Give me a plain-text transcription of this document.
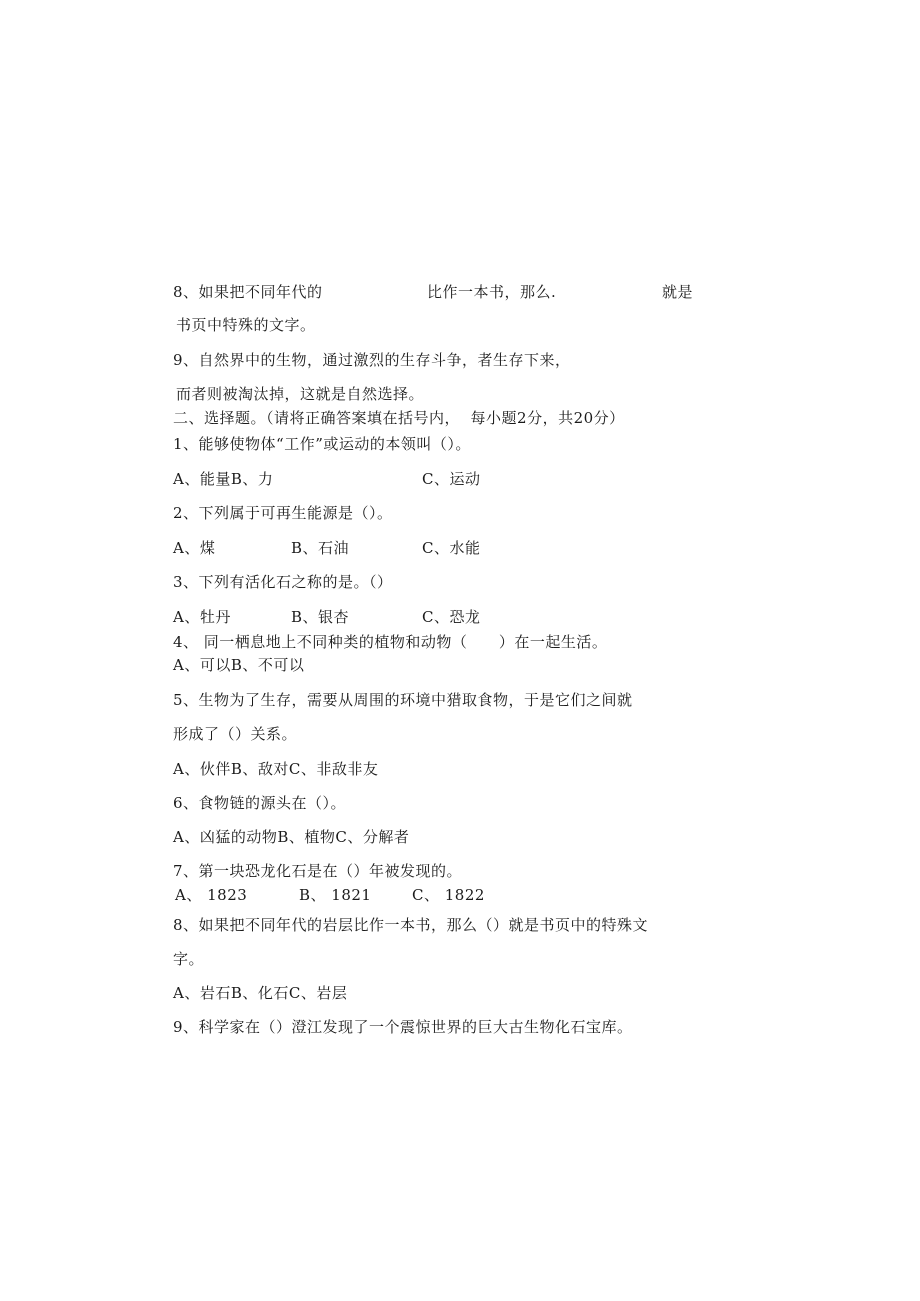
8、如果把不同年代的	比作一本书，那么.	就是
书页中特殊的文字。
9、自然界中的生物，通过激烈的生存斗争，者生存下来，
而者则被淘汰掉，这就是自然选择。
二、选择题。（请将正确答案填在括号内，  每小题2分，共20分）
1、能够使物体“工作”或运动的本领叫（）。
A、能量B、力	C、运动
2、下列属于可再生能源是（）。
A、煤	B、石油	C、水能
3、下列有活化石之称的是。（）
A、牡丹	B、银杏	C、恐龙
4、 同一栖息地上不同种类的植物和动物（      ）在一起生活。
A、可以B、不可以
5、生物为了生存，需要从周围的环境中猎取食物，于是它们之间就
形成了（）关系。
A、伙伴B、敌对C、非敌非友
6、食物链的源头在（）。
A、凶猛的动物B、植物C、分解者
7、第一块恐龙化石是在（）年被发现的。
A、 1823	B、 1821	C、 1822
8、如果把不同年代的岩层比作一本书，那么（）就是书页中的特殊文
字。
A、岩石B、化石C、岩层
9、科学家在（）澄江发现了一个震惊世界的巨大古生物化石宝库。
